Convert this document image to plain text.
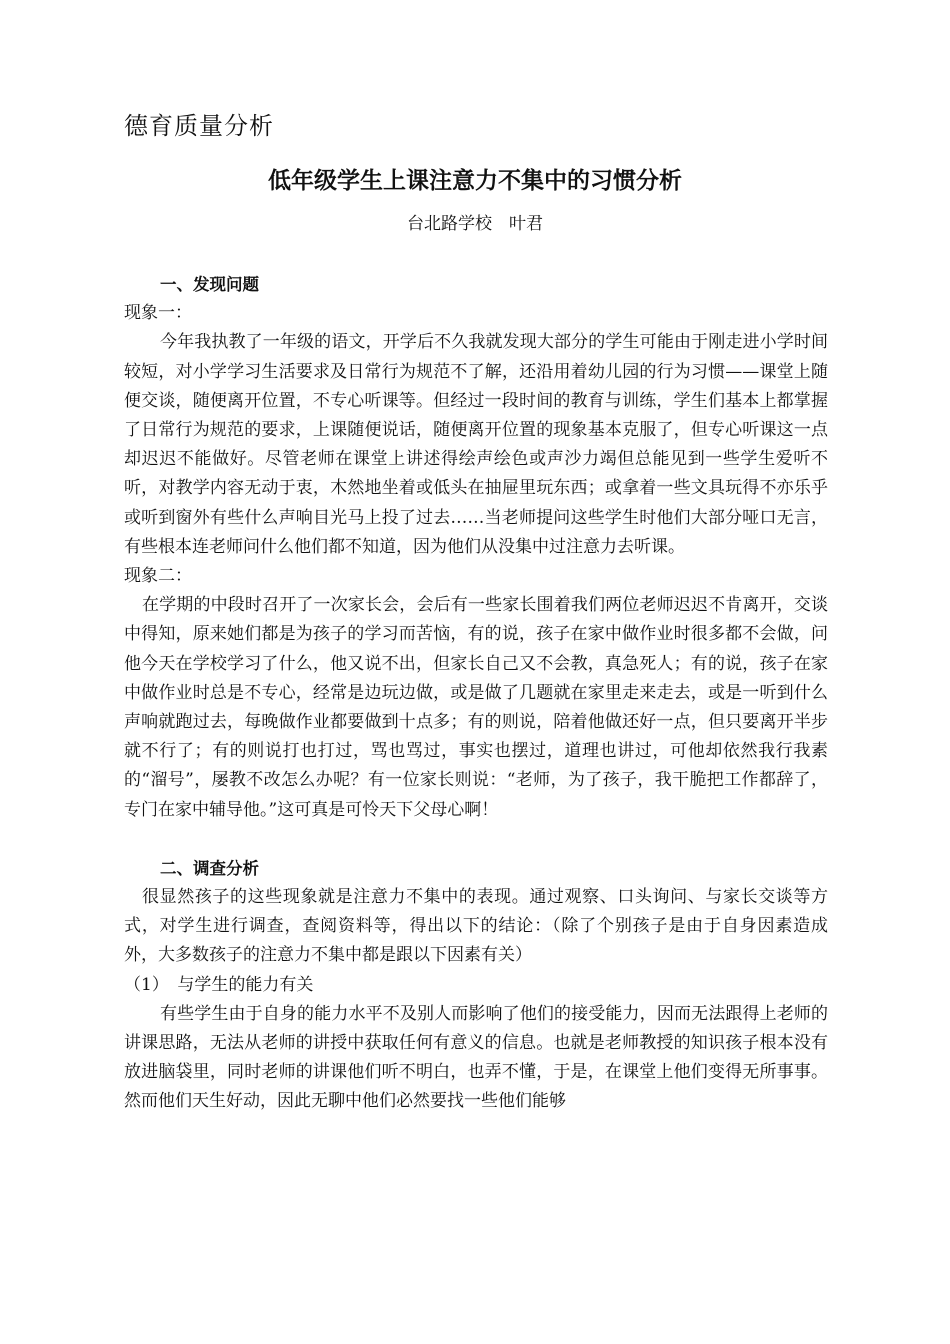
德育质量分析
低年级学生上课注意力不集中的习惯分析
台北路学校　叶君

一、发现问题

现象一：

今年我执教了一年级的语文，开学后不久我就发现大部分的学生可能由于刚走进小学时间较短，对小学学习生活要求及日常行为规范不了解，还沿用着幼儿园的行为习惯——课堂上随便交谈，随便离开位置，不专心听课等。但经过一段时间的教育与训练，学生们基本上都掌握了日常行为规范的要求，上课随便说话，随便离开位置的现象基本克服了，但专心听课这一点却迟迟不能做好。尽管老师在课堂上讲述得绘声绘色或声沙力竭但总能见到一些学生爱听不听，对教学内容无动于衷，木然地坐着或低头在抽屉里玩东西；或拿着一些文具玩得不亦乐乎或听到窗外有些什么声响目光马上投了过去……当老师提问这些学生时他们大部分哑口无言，有些根本连老师问什么他们都不知道，因为他们从没集中过注意力去听课。

现象二：

在学期的中段时召开了一次家长会，会后有一些家长围着我们两位老师迟迟不肯离开，交谈中得知，原来她们都是为孩子的学习而苦恼，有的说，孩子在家中做作业时很多都不会做，问他今天在学校学习了什么，他又说不出，但家长自己又不会教，真急死人；有的说，孩子在家中做作业时总是不专心，经常是边玩边做，或是做了几题就在家里走来走去，或是一听到什么声响就跑过去，每晚做作业都要做到十点多；有的则说，陪着他做还好一点，但只要离开半步就不行了；有的则说打也打过，骂也骂过，事实也摆过，道理也讲过，可他却依然我行我素的“溜号”，屡教不改怎么办呢？有一位家长则说：“老师，为了孩子，我干脆把工作都辞了，专门在家中辅导他。”这可真是可怜天下父母心啊！

二、调查分析

很显然孩子的这些现象就是注意力不集中的表现。通过观察、口头询问、与家长交谈等方式，对学生进行调查，查阅资料等，得出以下的结论：（除了个别孩子是由于自身因素造成外，大多数孩子的注意力不集中都是跟以下因素有关）

（1）　与学生的能力有关

有些学生由于自身的能力水平不及别人而影响了他们的接受能力，因而无法跟得上老师的讲课思路，无法从老师的讲授中获取任何有意义的信息。也就是老师教授的知识孩子根本没有放进脑袋里，同时老师的讲课他们听不明白，也弄不懂，于是，在课堂上他们变得无所事事。然而他们天生好动，因此无聊中他们必然要找一些他们能够
